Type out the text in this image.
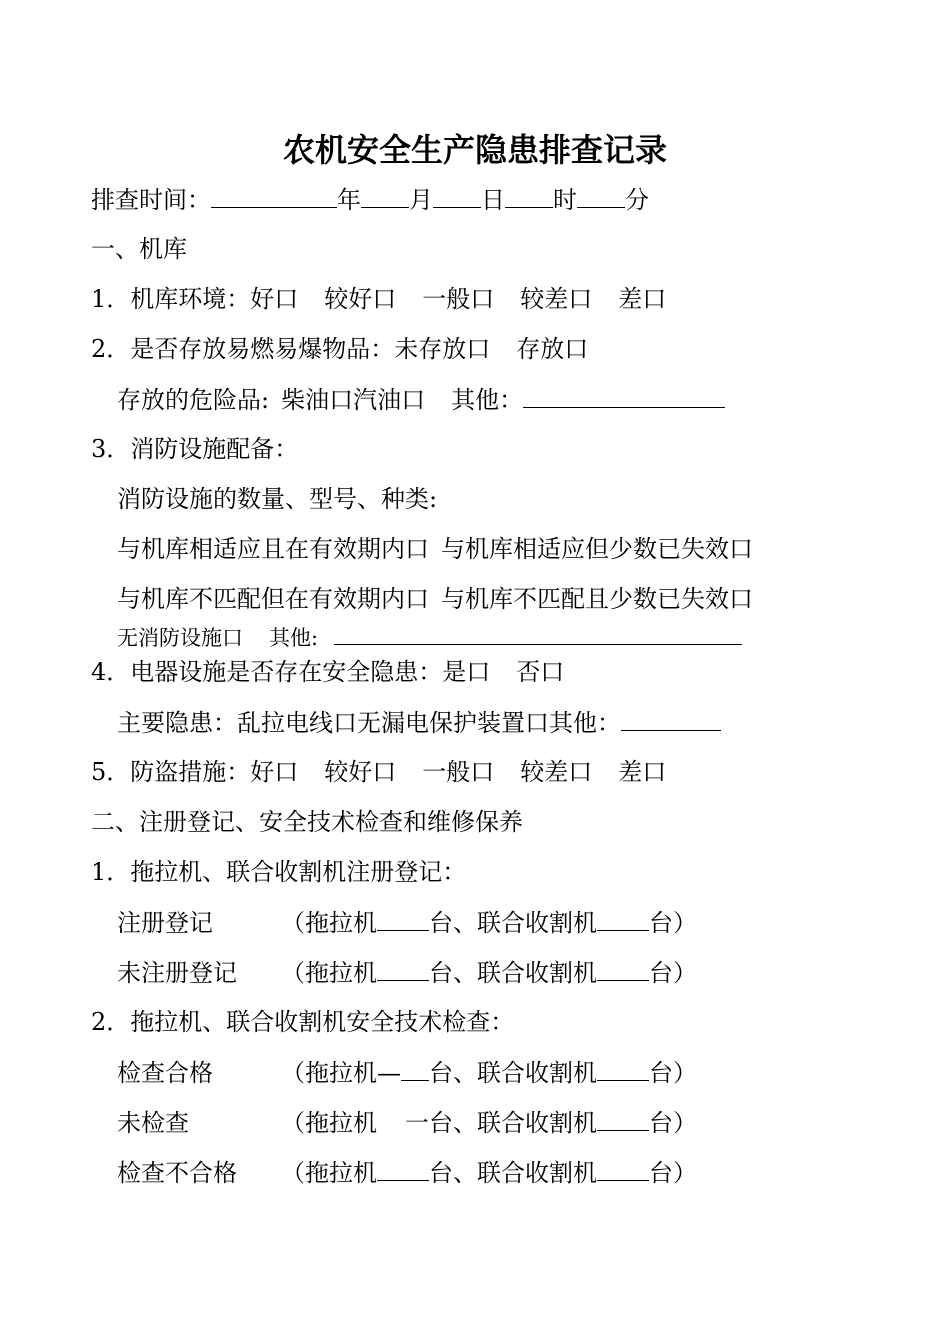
农机安全生产隐患排查记录
排查时间：	年 月 日 时 分
一、机库
1．机库环境：好口 较好口 一般口 较差口 差口
2．是否存放易燃易爆物品：未存放口 存放口
存放的危险品: 柴油口汽油口 其他：
3．消防设施配备：
消防设施的数量、型号、种类:
与机库相适应且在有效期内口 与机库相适应但少数已失效口
与机库不匹配但在有效期内口 与机库不匹配且少数已失效口
无消防设施口 其他:
4．电器设施是否存在安全隐患：是口 否口
主要隐患：乱拉电线口无漏电保护装置口其他：
5．防盗措施：好口 较好口 一般口 较差口 差口
二、注册登记、安全技术检查和维修保养
1．拖拉机、联合收割机注册登记：
注册登记	（拖拉机 台、联合收割机 台）
未注册登记 （拖拉机 台、联合收割机 台）
2．拖拉机、联合收割机安全技术检查：
检查合格	（拖拉机— 台、联合收割机 台）
未检查	（拖拉机 一台、联合收割机 台）
检查不合格 （拖拉机 台、联合收割机 台）
